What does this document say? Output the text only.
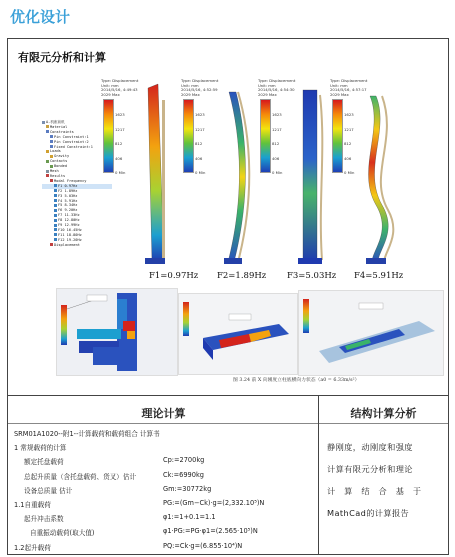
优化设计
有限元分析和计算
A-机座前机
Material
Constraints
Pin Constraint:1
Pin Constraint:2
Fixed Constraint:1
Loads
Gravity
Contacts
Bonded
Mesh
Results
Modal Frequency
F1 0.97Hz
F2 1.89Hz
F3 5.03Hz
F4 5.91Hz
F5 8.34Hz
F6 9.20Hz
F7 11.33Hz
F8 12.80Hz
F9 12.99Hz
F10 16.45Hz
F11 18.80Hz
F12 19.20Hz
Displacement
Type: Displacement
Unit: mm
2014/5/16, 4:49:43
2029 Max
1623
1217
812
406
0 Min
Type: Displacement
Unit: mm
2014/5/16, 4:52:59
2029 Max
1623
1217
812
406
0 Min
Type: Displacement
Unit: mm
2014/5/16, 4:54:30
2029 Max
1623
1217
812
406
0 Min
Type: Displacement
Unit: mm
2014/5/16, 4:57:17
2029 Max
1623
1217
812
406
0 Min
F1=0.97Hz F2=1.89Hz F3=5.03Hz F4=5.91Hz
图 3.24 前 X 向刚度立柱底横向力状态（a0 = 6.33m/s²）
理论计算
SRM01A1020--附1--计算载荷和载荷组合 计算书
1 常规载荷的计算
额定托盘载荷	Cp:=2700kg
总起升质量（含托盘载荷、货叉）估计	Ck:=6990kg
设备总质量 估计	Gm:=30772kg
1.1自重载荷	PG:=(Gm−Ck)·g=(2,332.10⁵)N
起升冲击系数	φ1:=1+0.1=1.1
自重振动载荷(取大值)	φ1·PG:=PG·φ1=(2.565·10⁵)N
1.2起升载荷	PQ:=Ck·g=(6.855·10⁴)N
结构计算分析
静刚度，动刚度和强度
计算有限元分析和理论
计　算　结　合　基　于
MathCad的计算报告
